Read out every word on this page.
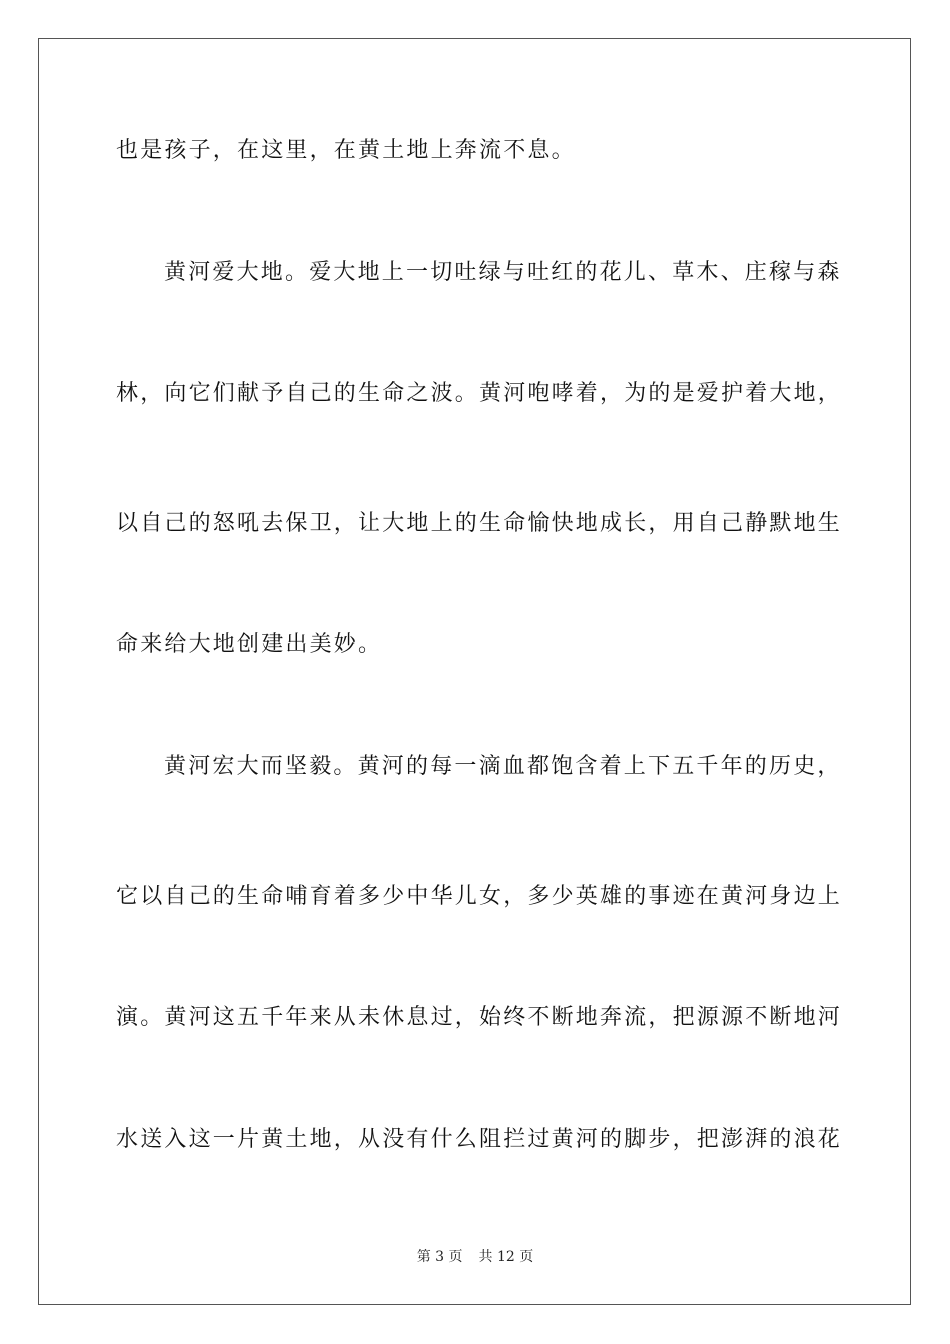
也是孩子，在这里，在黄土地上奔流不息。
黄河爱大地。爱大地上一切吐绿与吐红的花儿、草木、庄稼与森
林，向它们献予自己的生命之波。黄河咆哮着，为的是爱护着大地，
以自己的怒吼去保卫，让大地上的生命愉快地成长，用自己静默地生
命来给大地创建出美妙。
黄河宏大而坚毅。黄河的每一滴血都饱含着上下五千年的历史，
它以自己的生命哺育着多少中华儿女，多少英雄的事迹在黄河身边上
演。黄河这五千年来从未休息过，始终不断地奔流，把源源不断地河
水送入这一片黄土地，从没有什么阻拦过黄河的脚步，把澎湃的浪花
第 3 页 共 12 页
